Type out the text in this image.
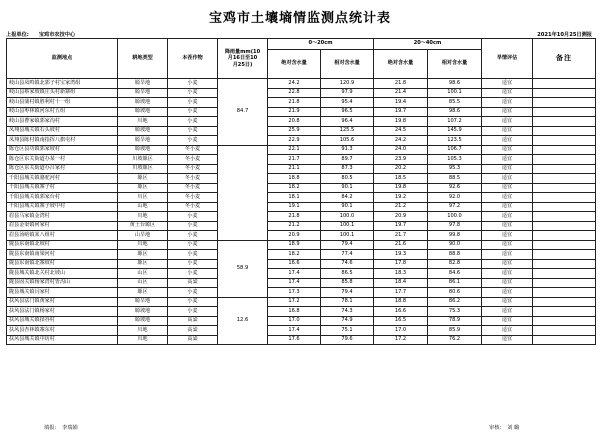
宝鸡市土壤墒情监测点统计表
上报单位: 宝鸡市农技中心	2021年10月25日测报
监测地点	耕地类型	本茬作物	降雨量mm(10
月16日至10
月25日)	0～20cm		20～40cm		旱情评估	备注
				绝对含水量	相对含水量	绝对含水量	相对含水量		
岐山县凤鸣镇北郭子村宝家湾组	塬旱地	小麦	84.7	24.2	120.9	21.8	98.6	适宜	
岐山县蔡家坡镇庄头村新寨组	塬旱地	小麦		22.8	97.9	21.4	100.1	适宜	
岐山县蒲村镇胜利村十一组	塬坡地	小麦		21.8	95.4	19.4	85.5	适宜	
岐山县枣林镇河东村五组	塬坡地	小麦		21.9	96.5	19.7	98.6	适宜	
岐山县曹家镇郭家沟村	川地	小麦		20.8	96.4	19.8	107.2	适宜	
凤翔县城关镇石头坡村	塬坡地	小麦		25.9	125.5	24.5	145.9	适宜	
凤翔县陈村镇南指挥八旗屯村	塬旱地	小麦		22.9	105.6	24.2	123.5	适宜	
陈仓区县功镇郭家坡村	塬坡地	冬小麦		22.1	91.3	24.0	106.7	适宜	
陈仓区东关街道办某一村	川坡塬区	冬小麦		21.7	89.7	23.9	105.3	适宜	
陈仓区东关街道办吕家村	川坡塬区	冬小麦		21.1	87.3	20.2	95.3	适宜	
千阳县城关镇骆驼河村	塬区	冬小麦		18.8	80.5	18.5	88.5	适宜	
千阳县城关镇寨子村	塬区	冬小麦		18.2	90.1	19.8	92.6	适宜	
千阳县城关镇郭家台村	川区	冬小麦		18.1	84.2	19.2	92.0	适宜	
千阳县城关镇寨子坡中村	山地	冬小麦		19.1	90.1	21.2	97.2	适宜	
眉县马家镇金湾村	川地	小麦		21.8	100.0	20.9	100.0	适宜	
眉县金渠镇何家村	黄土台塬区	小麦		21.2	100.1	19.7	97.8	适宜	
眉县汤峪镇某八组村	山旱地	小麦		20.9	100.1	21.7	99.8	适宜	
陇县东南镇北坡村	川地	小麦	58.9	18.9	79.4	21.6	90.0	适宜	
陇县东南镇南梁河村	塬区	小麦		18.2	77.4	19.3	88.8	适宜	
陇县东南镇北寨坡村	塬区	小麦		16.6	74.6	17.8	82.8	适宜	
陇县城关镇北关村北坡山	山区	小麦		17.4	86.5	18.3	84.6	适宜	
陇县固关镇杨家湾村皆沟山	山区	高粱		17.4	85.8	18.4	86.1	适宜	
陇县城关镇闫家村	塬区	小麦		17.3	79.4	17.7	80.6	适宜	
扶风县法门镇黄家村	塬旱地	小麦	12.6	17.2	78.1	18.8	86.2	适宜	
扶风县法门镇杨家村	塬坡地	小麦		16.8	74.3	16.6	75.3	适宜	
扶风县城关镇揉谷村	塬坡地	高粱		17.0	74.9	16.5	78.9	适宜	
扶风县杏林镇寨东村	川地	高粱		17.4	75.1	17.0	85.9	适宜	
扶风县城关镇中坊村	川地	高粱		17.6	79.6	17.2	76.2	适宜	
填报: 李瑞娟	审核: 刘 璐
